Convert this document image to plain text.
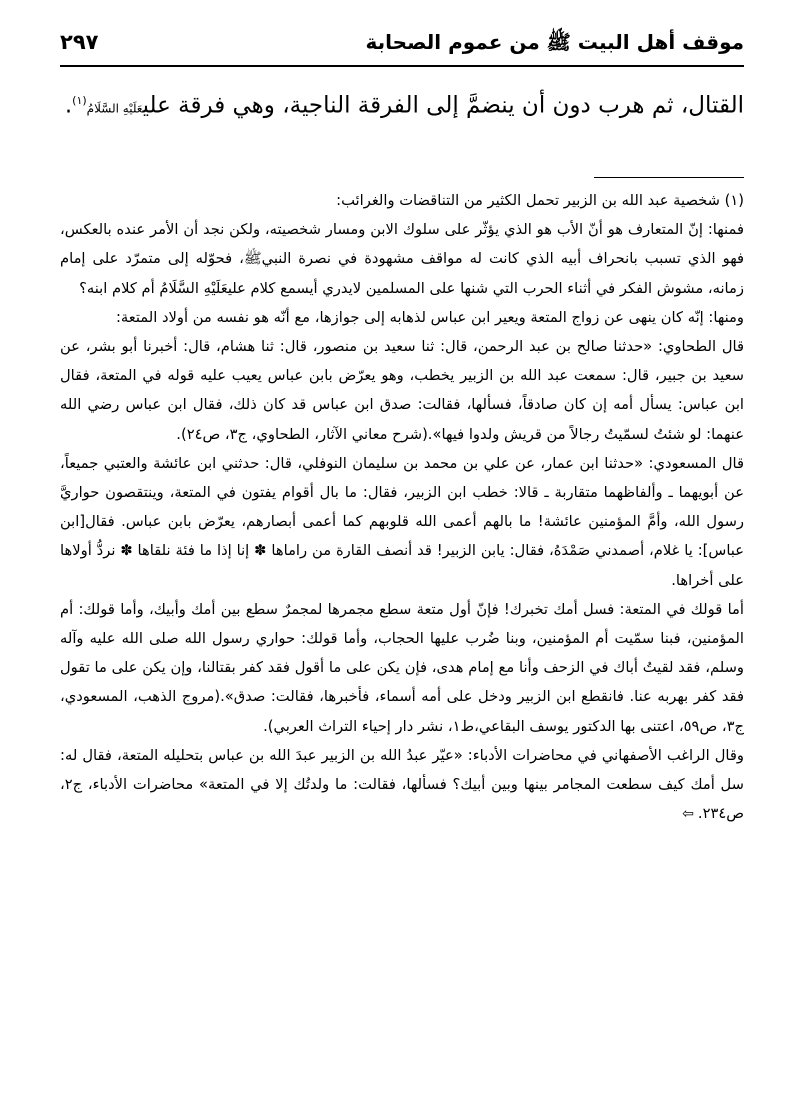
موقف أهل البيت ﷺ من عموم الصحابة
٢٩٧
القتال، ثم هرب دون أن ينضمَّ إلى الفرقة الناجية، وهي فرقة عليعَلَيْهِ السَّلَامُ$^{(١)}$.

(١) شخصية عبد الله بن الزبير تحمل الكثير من التناقضات والغرائب:

فمنها: إنّ المتعارف هو أنّ الأب هو الذي يؤثّر على سلوك الابن ومسار شخصيته، ولكن نجد أن الأمر عنده بالعكس، فهو الذي تسبب بانحراف أبيه الذي كانت له مواقف مشهودة في نصرة النبيﷺ، فحوّله إلى متمرّد على إمام زمانه، مشوش الفكر في أثناء الحرب التي شنها على المسلمين لايدري أيسمع كلام عليعَلَيْهِ السَّلَامُ أم كلام ابنه؟

ومنها: إنّه كان ينهى عن زواج المتعة ويعير ابن عباس لذهابه إلى جوازها، مع أنّه هو نفسه من أولاد المتعة:

قال الطحاوي: «حدثنا صالح بن عبد الرحمن، قال: ثنا سعيد بن منصور، قال: ثنا هشام، قال: أخبرنا أبو بشر، عن سعيد بن جبير، قال: سمعت عبد الله بن الزبير يخطب، وهو يعرّض بابن عباس يعيب عليه قوله في المتعة، فقال ابن عباس: يسأل أمه إن كان صادقاً، فسألها، فقالت: صدق ابن عباس قد كان ذلك، فقال ابن عباس رضي الله عنهما: لو شئتُ لسمّيتُ رجالاً من قريش ولدوا فيها».(شرح معاني الآثار، الطحاوي، ج٣، ص٢٤).

قال المسعودي: «حدثنا ابن عمار، عن علي بن محمد بن سليمان النوفلي، قال: حدثني ابن عائشة والعتبي جميعاً، عن أبويهما ـ وألفاظهما متقاربة ـ قالا: خطب ابن الزبير، فقال: ما بال أقوام يفتون في المتعة، وينتقصون حواريَّ رسول الله، وأمَّ المؤمنين عائشة! ما بالهم أعمى الله قلوبهم كما أعمى أبصارهم، يعرّض بابن عباس. فقال[ابن عباس]: يا غلام، أصمدني صَمْدَهُ، فقال: يابن الزبير! قد أنصف القارة من راماها ✽ إنا إذا ما فئة نلقاها ✽ نردُّ أولاها على أخراها.

أما قولك في المتعة: فسل أمك تخبرك! فإنّ أول متعة سطع مجمرها لمجمرٌ سطع بين أمك وأبيك، وأما قولك: أم المؤمنين، فبنا سمّيت أم المؤمنين، وبنا ضُرب عليها الحجاب، وأما قولك: حواري رسول الله صلى الله عليه وآله وسلم، فقد لقيتُ أباك في الزحف وأنا مع إمام هدى، فإن يكن على ما أقول فقد كفر بقتالنا، وإن يكن على ما تقول فقد كفر بهربه عنا. فانقطع ابن الزبير ودخل على أمه أسماء، فأخبرها، فقالت: صدق».(مروج الذهب، المسعودي، ج٣، ص٥٩، اعتنى بها الدكتور يوسف البقاعي،ط١، نشر دار إحياء التراث العربي).

وقال الراغب الأصفهاني في محاضرات الأدباء: «عيّر عبدُ الله بن الزبير عبدَ الله بن عباس بتحليله المتعة، فقال له: سل أمك كيف سطعت المجامر بينها وبين أبيك؟ فسألها، فقالت: ما ولدتُك إلا في المتعة» محاضرات الأدباء، ج٢، ص٢٣٤.⇦
